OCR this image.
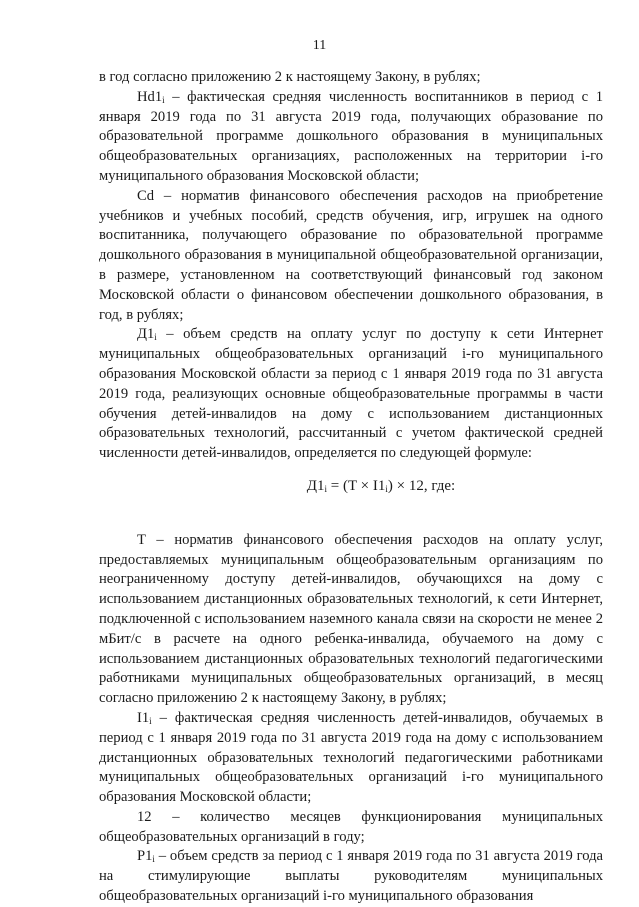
11

в год согласно приложению 2 к настоящему Закону, в рублях;

$Hd1_i$ – фактическая средняя численность воспитанников в период с 1 января 2019 года по 31 августа 2019 года, получающих образование по образовательной программе дошкольного образования в муниципальных общеобразовательных организациях, расположенных на территории i-го муниципального образования Московской области;

Cd – норматив финансового обеспечения расходов на приобретение учебников и учебных пособий, средств обучения, игр, игрушек на одного воспитанника, получающего образование по образовательной программе дошкольного образования в муниципальной общеобразовательной организации, в размере, установленном на соответствующий финансовый год законом Московской области о финансовом обеспечении дошкольного образования, в год, в рублях;

$Д1_i$ – объем средств на оплату услуг по доступу к сети Интернет муниципальных общеобразовательных организаций i-го муниципального образования Московской области за период с 1 января 2019 года по 31 августа 2019 года, реализующих основные общеобразовательные программы в части обучения детей-инвалидов на дому с использованием дистанционных образовательных технологий, рассчитанный с учетом фактической средней численности детей-инвалидов, определяется по следующей формуле:

$Д1_i = (T \times I1_i) \times 12$, где:

T – норматив финансового обеспечения расходов на оплату услуг, предоставляемых муниципальным общеобразовательным организациям по неограниченному доступу детей-инвалидов, обучающихся на дому с использованием дистанционных образовательных технологий, к сети Интернет, подключенной с использованием наземного канала связи на скорости не менее 2 мБит/с в расчете на одного ребенка-инвалида, обучаемого на дому с использованием дистанционных образовательных технологий педагогическими работниками муниципальных общеобразовательных организаций, в месяц согласно приложению 2 к настоящему Закону, в рублях;

$I1_i$ – фактическая средняя численность детей-инвалидов, обучаемых в период с 1 января 2019 года по 31 августа 2019 года на дому с использованием дистанционных образовательных технологий педагогическими работниками муниципальных общеобразовательных организаций i-го муниципального образования Московской области;

12 – количество месяцев функционирования муниципальных общеобразовательных организаций в году;

$P1_i$ – объем средств за период с 1 января 2019 года по 31 августа 2019 года на стимулирующие выплаты руководителям муниципальных общеобразовательных организаций i-го муниципального образования
